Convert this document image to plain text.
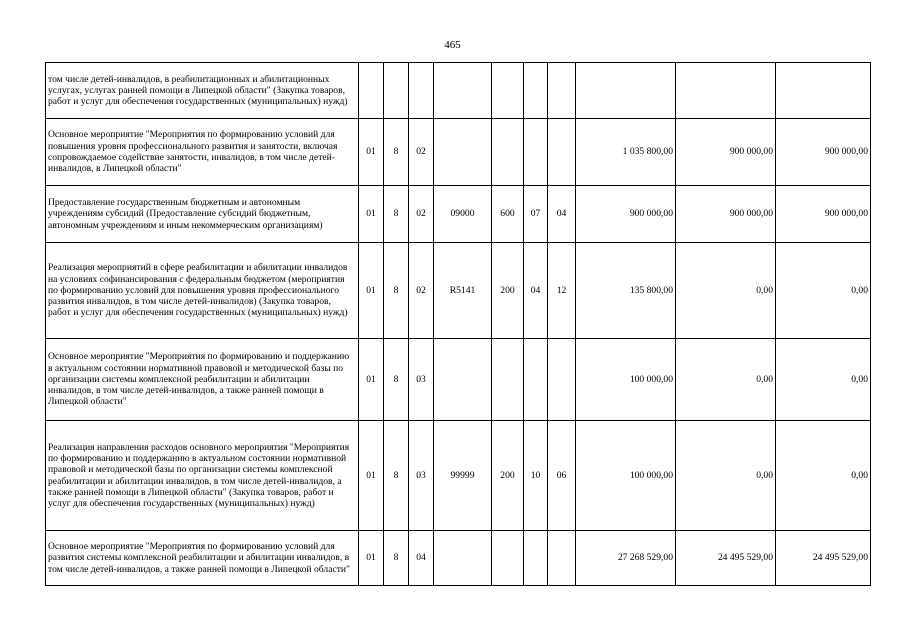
465
том числе детей-инвалидов, в реабилитационных и абилитационных услугах, услугах ранней помощи в Липецкой области" (Закупка товаров, работ и услуг для обеспечения государственных (муниципальных) нужд)										
Основное мероприятие "Мероприятия по формированию условий для повышения уровня профессионального развития и занятости, включая сопровождаемое содействие занятости, инвалидов, в том числе детей-инвалидов, в Липецкой области"	01	8	02					1 035 800,00	900 000,00	900 000,00
Предоставление государственным бюджетным и автономным учреждениям субсидий (Предоставление субсидий бюджетным, автономным учреждениям и иным некоммерческим организациям)	01	8	02	09000	600	07	04	900 000,00	900 000,00	900 000,00
Реализация мероприятий в сфере реабилитации и абилитации инвалидов на условиях софинансирования с федеральным бюджетом (мероприятия по формированию условий для повышения уровня профессионального развития инвалидов, в том числе детей-инвалидов) (Закупка товаров, работ и услуг для обеспечения государственных (муниципальных) нужд)	01	8	02	R5141	200	04	12	135 800,00	0,00	0,00
Основное мероприятие "Мероприятия по формированию и поддержанию в актуальном состоянии нормативной правовой и методической базы по организации системы комплексной реабилитации и абилитации инвалидов, в том числе детей-инвалидов, а также ранней помощи в Липецкой области"	01	8	03					100 000,00	0,00	0,00
Реализация направления расходов основного мероприятия "Мероприятия по формированию и поддержанию в актуальном состоянии нормативной правовой и методической базы по организации системы комплексной реабилитации и абилитации инвалидов, в том числе детей-инвалидов, а также ранней помощи в Липецкой области" (Закупка товаров, работ и услуг для обеспечения государственных (муниципальных) нужд)	01	8	03	99999	200	10	06	100 000,00	0,00	0,00
Основное мероприятие "Мероприятия по формированию условий для развития системы комплексной реабилитации и абилитации инвалидов, в том числе детей-инвалидов, а также ранней помощи в Липецкой области"	01	8	04					27 268 529,00	24 495 529,00	24 495 529,00
